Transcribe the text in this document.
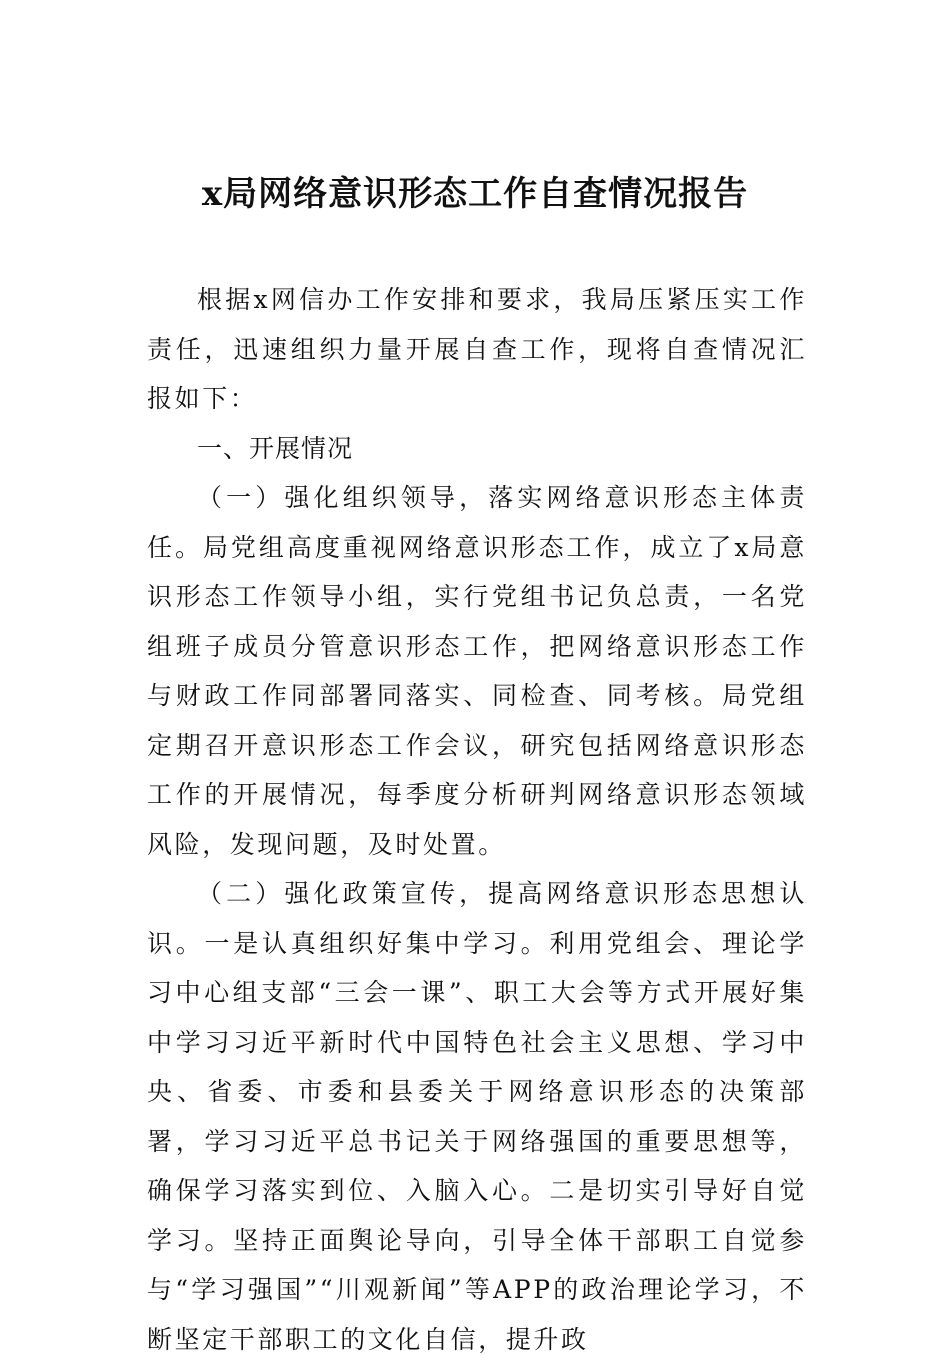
x局网络意识形态工作自查情况报告

根据x网信办工作安排和要求，我局压紧压实工作责任，迅速组织力量开展自查工作，现将自查情况汇报如下：

一、开展情况

（一）强化组织领导，落实网络意识形态主体责任。局党组高度重视网络意识形态工作，成立了x局意识形态工作领导小组，实行党组书记负总责，一名党组班子成员分管意识形态工作，把网络意识形态工作与财政工作同部署同落实、同检查、同考核。局党组定期召开意识形态工作会议，研究包括网络意识形态工作的开展情况，每季度分析研判网络意识形态领域风险，发现问题，及时处置。

（二）强化政策宣传，提高网络意识形态思想认识。一是认真组织好集中学习。利用党组会、理论学习中心组支部“三会一课”、职工大会等方式开展好集中学习习近平新时代中国特色社会主义思想、学习中央、省委、市委和县委关于网络意识形态的决策部署，学习习近平总书记关于网络强国的重要思想等，确保学习落实到位、入脑入心。二是切实引导好自觉学习。坚持正面舆论导向，引导全体干部职工自觉参与“学习强国”“川观新闻”等APP的政治理论学习，不断坚定干部职工的文化自信，提升政
